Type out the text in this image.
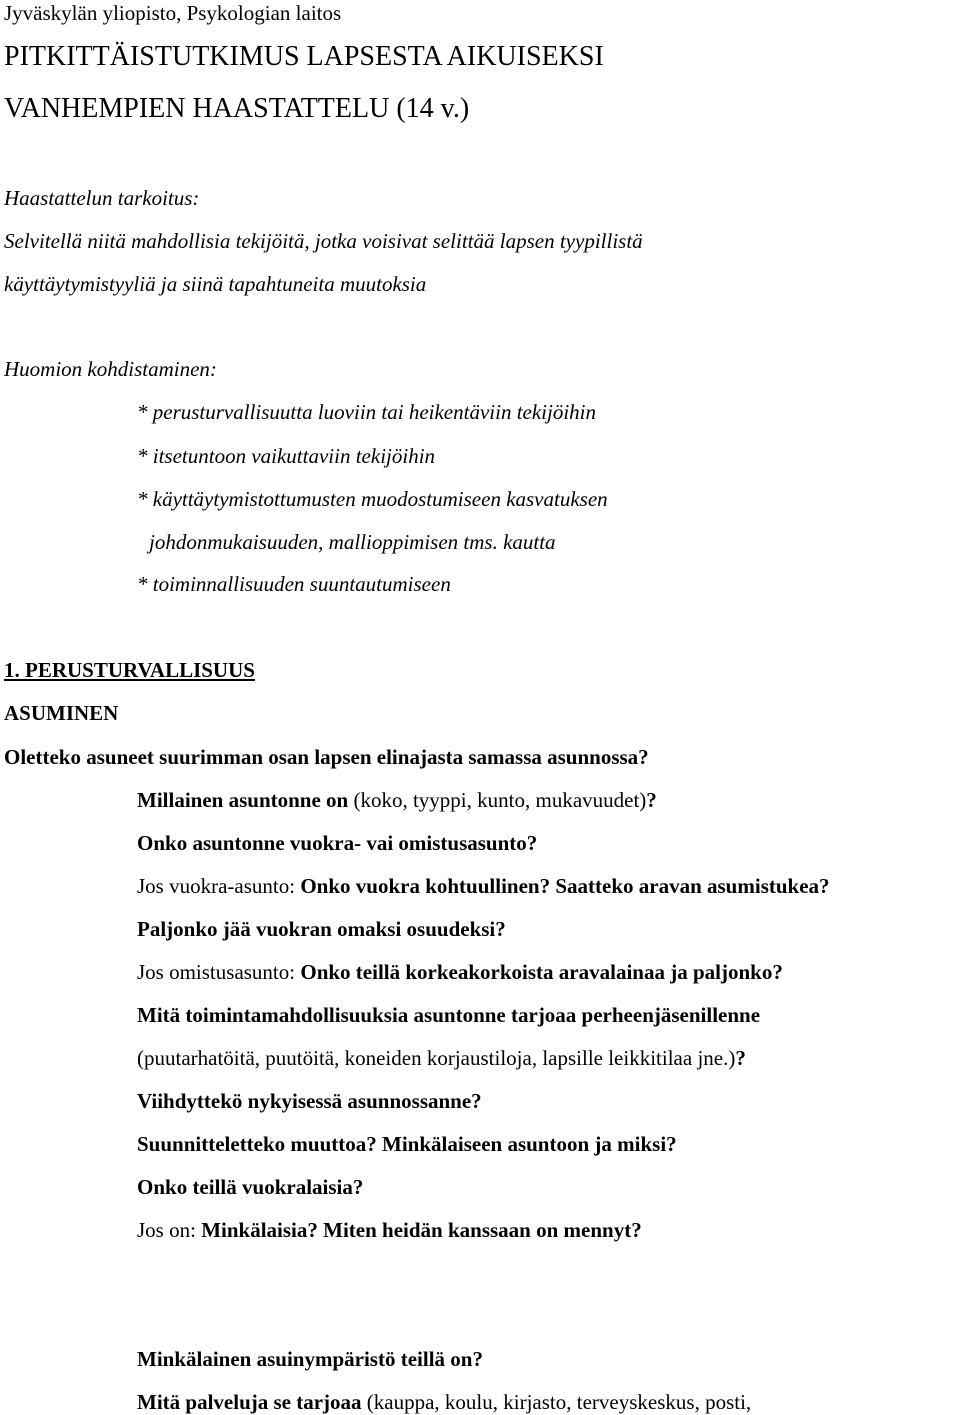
Jyväskylän yliopisto, Psykologian laitos

PITKITTÄISTUTKIMUS LAPSESTA AIKUISEKSI

VANHEMPIEN HAASTATTELU (14 v.)

Haastattelun tarkoitus:

Selvitellä niitä mahdollisia tekijöitä, jotka voisivat selittää lapsen tyypillistä

käyttäytymistyyliä ja siinä tapahtuneita muutoksia

Huomion kohdistaminen:

* perusturvallisuutta luoviin tai heikentäviin tekijöihin

* itsetuntoon vaikuttaviin tekijöihin

* käyttäytymistottumusten muodostumiseen kasvatuksen

johdonmukaisuuden, mallioppimisen tms. kautta

* toiminnallisuuden suuntautumiseen

1. PERUSTURVALLISUUS

ASUMINEN

Oletteko asuneet suurimman osan lapsen elinajasta samassa asunnossa?

Millainen asuntonne on (koko, tyyppi, kunto, mukavuudet)?

Onko asuntonne vuokra- vai omistusasunto?

Jos vuokra-asunto: Onko vuokra kohtuullinen? Saatteko aravan asumistukea?

Paljonko jää vuokran omaksi osuudeksi?

Jos omistusasunto: Onko teillä korkeakorkoista aravalainaa ja paljonko?

Mitä toimintamahdollisuuksia asuntonne tarjoaa perheenjäsenillenne

(puutarhatöitä, puutöitä, koneiden korjaustiloja, lapsille leikkitilaa jne.)?

Viihdyttekö nykyisessä asunnossanne?

Suunnitteletteko muuttoa? Minkälaiseen asuntoon ja miksi?

Onko teillä vuokralaisia?

Jos on: Minkälaisia? Miten heidän kanssaan on mennyt?

Minkälainen asuinympäristö teillä on?

Mitä palveluja se tarjoaa (kauppa, koulu, kirjasto, terveyskeskus, posti,
